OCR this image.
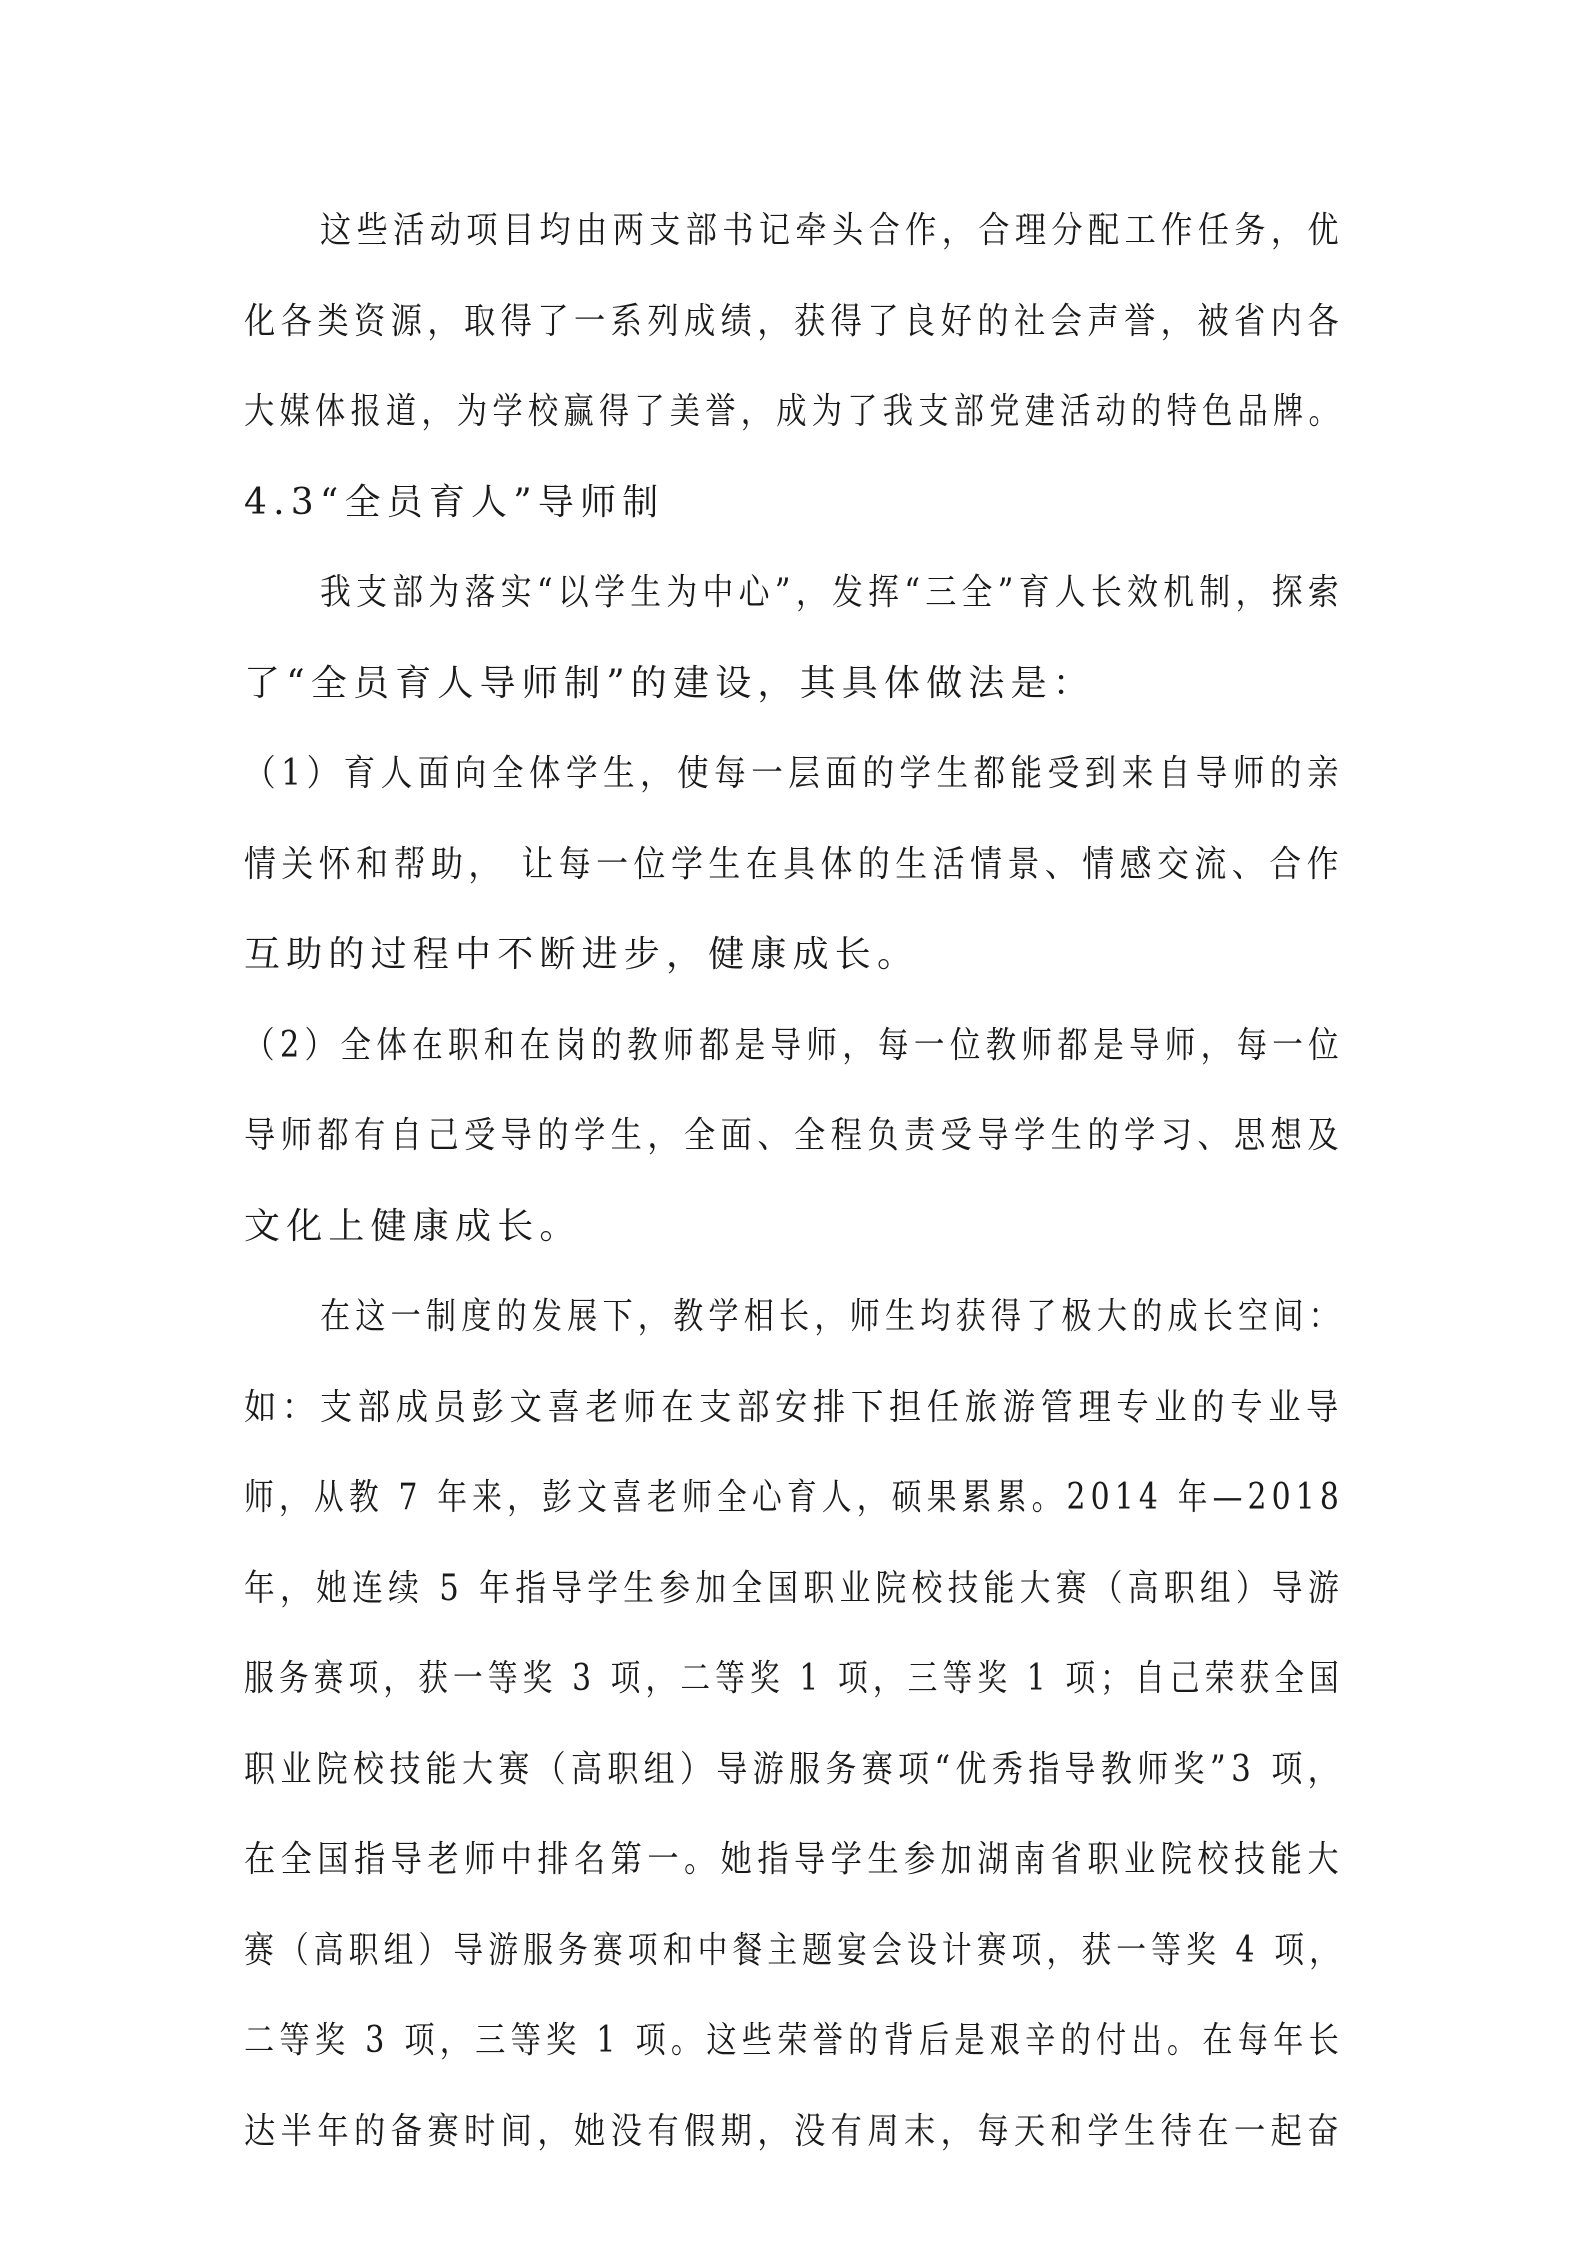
这些活动项目均由两支部书记牵头合作，合理分配工作任务，优
化各类资源，取得了一系列成绩，获得了良好的社会声誉，被省内各
大媒体报道，为学校赢得了美誉，成为了我支部党建活动的特色品牌。
4.3“全员育人”导师制
我支部为落实“以学生为中心”，发挥“三全”育人长效机制，探索
了“全员育人导师制”的建设，其具体做法是：
（1）育人面向全体学生，使每一层面的学生都能受到来自导师的亲
情关怀和帮助， 让每一位学生在具体的生活情景、情感交流、合作
互助的过程中不断进步，健康成长。
（2）全体在职和在岗的教师都是导师，每一位教师都是导师，每一位
导师都有自己受导的学生，全面、全程负责受导学生的学习、思想及
文化上健康成长。
在这一制度的发展下，教学相长，师生均获得了极大的成长空间：
如：支部成员彭文喜老师在支部安排下担任旅游管理专业的专业导
师，从教 7 年来，彭文喜老师全心育人，硕果累累。2014 年—2018
年，她连续 5 年指导学生参加全国职业院校技能大赛（高职组）导游
服务赛项，获一等奖 3 项，二等奖 1 项，三等奖 1 项；自己荣获全国
职业院校技能大赛（高职组）导游服务赛项“优秀指导教师奖”3 项，
在全国指导老师中排名第一。她指导学生参加湖南省职业院校技能大
赛（高职组）导游服务赛项和中餐主题宴会设计赛项，获一等奖 4 项，
二等奖 3 项，三等奖 1 项。这些荣誉的背后是艰辛的付出。在每年长
达半年的备赛时间，她没有假期，没有周末，每天和学生待在一起奋
